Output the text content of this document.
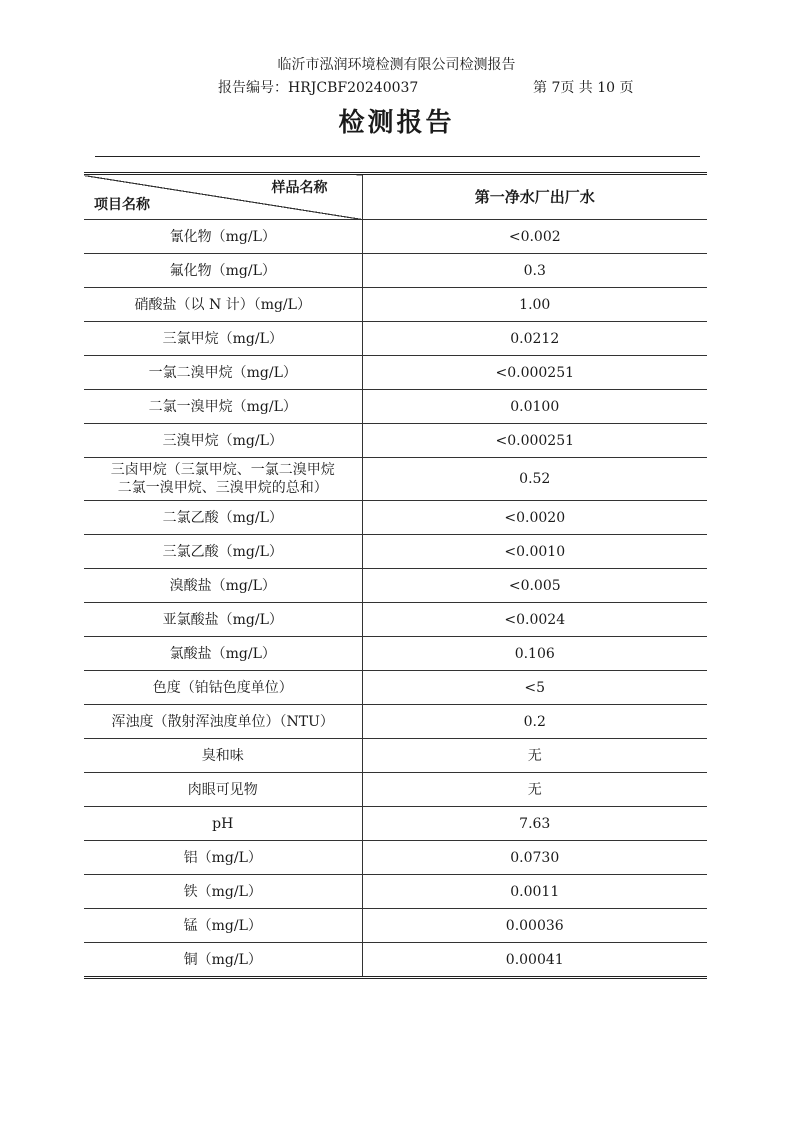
临沂市泓润环境检测有限公司检测报告
报告编号：HRJCBF20240037	第 7页 共 10 页
检测报告
样品名称
项目名称	第一净水厂出厂水
氰化物（mg/L）	<0.002
氟化物（mg/L）	0.3
硝酸盐（以 N 计）（mg/L）	1.00
三氯甲烷（mg/L）	0.0212
一氯二溴甲烷（mg/L）	<0.000251
二氯一溴甲烷（mg/L）	0.0100
三溴甲烷（mg/L）	<0.000251

三卤甲烷（三氯甲烷、一氯二溴甲烷
二氯一溴甲烷、三溴甲烷的总和）	0.52
二氯乙酸（mg/L）	<0.0020
三氯乙酸（mg/L）	<0.0010
溴酸盐（mg/L）	<0.005
亚氯酸盐（mg/L）	<0.0024
氯酸盐（mg/L）	0.106
色度（铂钴色度单位）	<5
浑浊度（散射浑浊度单位）（NTU）	0.2
臭和味	无
肉眼可见物	无
pH	7.63
铝（mg/L）	0.0730
铁（mg/L）	0.0011
锰（mg/L）	0.00036
铜（mg/L）	0.00041
